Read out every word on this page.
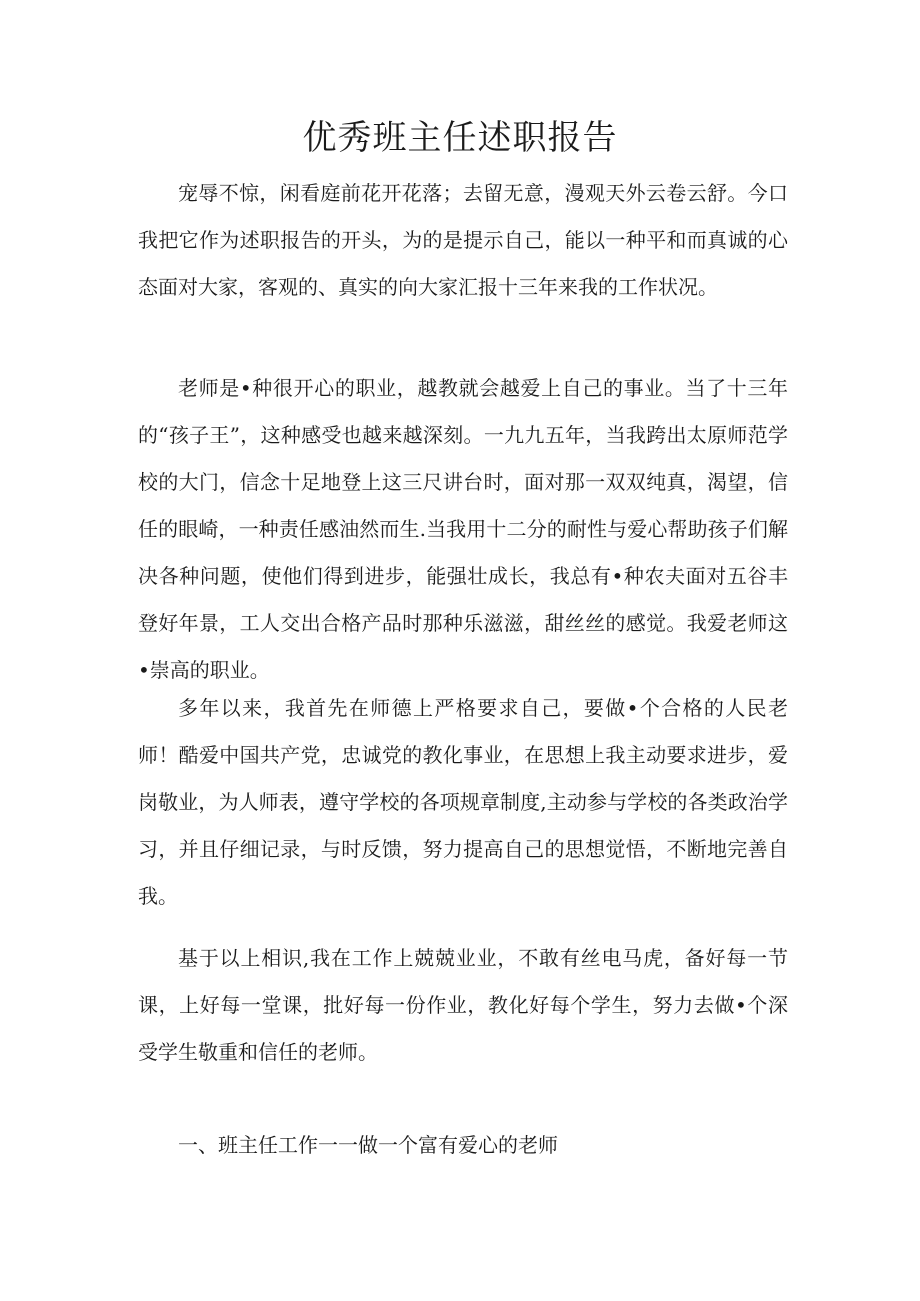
优秀班主任述职报告

宠辱不惊，闲看庭前花开花落；去留无意，漫观天外云卷云舒。今口我把它作为述职报告的开头，为的是提示自己，能以一种平和而真诚的心态面对大家，客观的、真实的向大家汇报十三年来我的工作状况。

老师是•种很开心的职业，越教就会越爱上自己的事业。当了十三年的“孩子王”，这种感受也越来越深刻。一九九五年，当我跨出太原师范学校的大门，信念十足地登上这三尺讲台时，面对那一双双纯真，渴望，信任的眼崎，一种责任感油然而生.当我用十二分的耐性与爱心帮助孩子们解决各种问题，使他们得到进步，能强壮成长，我总有•种农夫面对五谷丰登好年景，工人交出合格产品时那种乐滋滋，甜丝丝的感觉。我爱老师这•崇高的职业。

多年以来，我首先在师德上严格要求自己，要做•个合格的人民老师！酷爱中国共产党，忠诚党的教化事业，在思想上我主动要求进步，爱岗敬业，为人师表，遵守学校的各项规章制度,主动参与学校的各类政治学习，并且仔细记录，与时反馈，努力提高自己的思想觉悟，不断地完善自我。

基于以上相识,我在工作上兢兢业业，不敢有丝电马虎，备好每一节课，上好每一堂课，批好每一份作业，教化好每个学生，努力去做•个深受学生敬重和信任的老师。

一、班主任工作一一做一个富有爱心的老师
